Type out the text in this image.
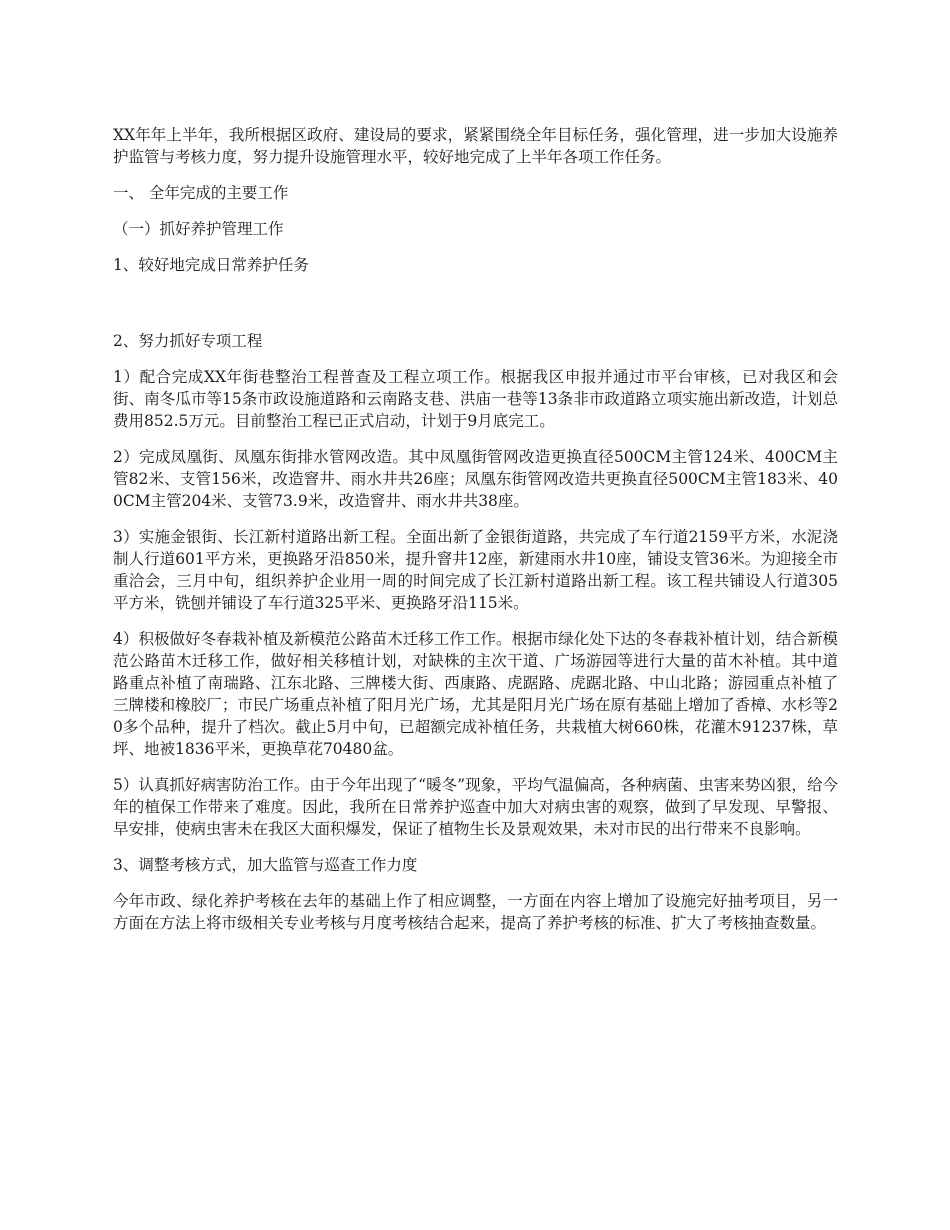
XX年年上半年，我所根据区政府、建设局的要求，紧紧围绕全年目标任务，强化管理，进一步加大设施养护监管与考核力度，努力提升设施管理水平，较好地完成了上半年各项工作任务。

一、 全年完成的主要工作

（一）抓好养护管理工作

1、较好地完成日常养护任务

2、努力抓好专项工程

1）配合完成XX年街巷整治工程普查及工程立项工作。根据我区申报并通过市平台审核，已对我区和会街、南冬瓜市等15条市政设施道路和云南路支巷、洪庙一巷等13条非市政道路立项实施出新改造，计划总费用852.5万元。目前整治工程已正式启动，计划于9月底完工。

2）完成凤凰街、凤凰东街排水管网改造。其中凤凰街管网改造更换直径500CM主管124米、400CM主管82米、支管156米，改造窨井、雨水井共26座；凤凰东街管网改造共更换直径500CM主管183米、400CM主管204米、支管73.9米，改造窨井、雨水井共38座。

3）实施金银街、长江新村道路出新工程。全面出新了金银街道路，共完成了车行道2159平方米，水泥浇制人行道601平方米，更换路牙沿850米，提升窨井12座，新建雨水井10座，铺设支管36米。为迎接全市重洽会，三月中旬，组织养护企业用一周的时间完成了长江新村道路出新工程。该工程共铺设人行道305平方米，铣刨并铺设了车行道325平米、更换路牙沿115米。

4）积极做好冬春栽补植及新模范公路苗木迁移工作工作。根据市绿化处下达的冬春栽补植计划，结合新模范公路苗木迁移工作，做好相关移植计划，对缺株的主次干道、广场游园等进行大量的苗木补植。其中道路重点补植了南瑞路、江东北路、三牌楼大街、西康路、虎踞路、虎踞北路、中山北路；游园重点补植了三牌楼和橡胶厂；市民广场重点补植了阳月光广场，尤其是阳月光广场在原有基础上增加了香樟、水杉等20多个品种，提升了档次。截止5月中旬，已超额完成补植任务，共栽植大树660株，花灌木91237株，草坪、地被1836平米，更换草花70480盆。

5）认真抓好病害防治工作。由于今年出现了“暖冬”现象，平均气温偏高，各种病菌、虫害来势凶狠，给今年的植保工作带来了难度。因此，我所在日常养护巡查中加大对病虫害的观察，做到了早发现、早警报、早安排，使病虫害未在我区大面积爆发，保证了植物生长及景观效果，未对市民的出行带来不良影响。

3、调整考核方式，加大监管与巡查工作力度

今年市政、绿化养护考核在去年的基础上作了相应调整，一方面在内容上增加了设施完好抽考项目，另一方面在方法上将市级相关专业考核与月度考核结合起来，提高了养护考核的标准、扩大了考核抽查数量。
